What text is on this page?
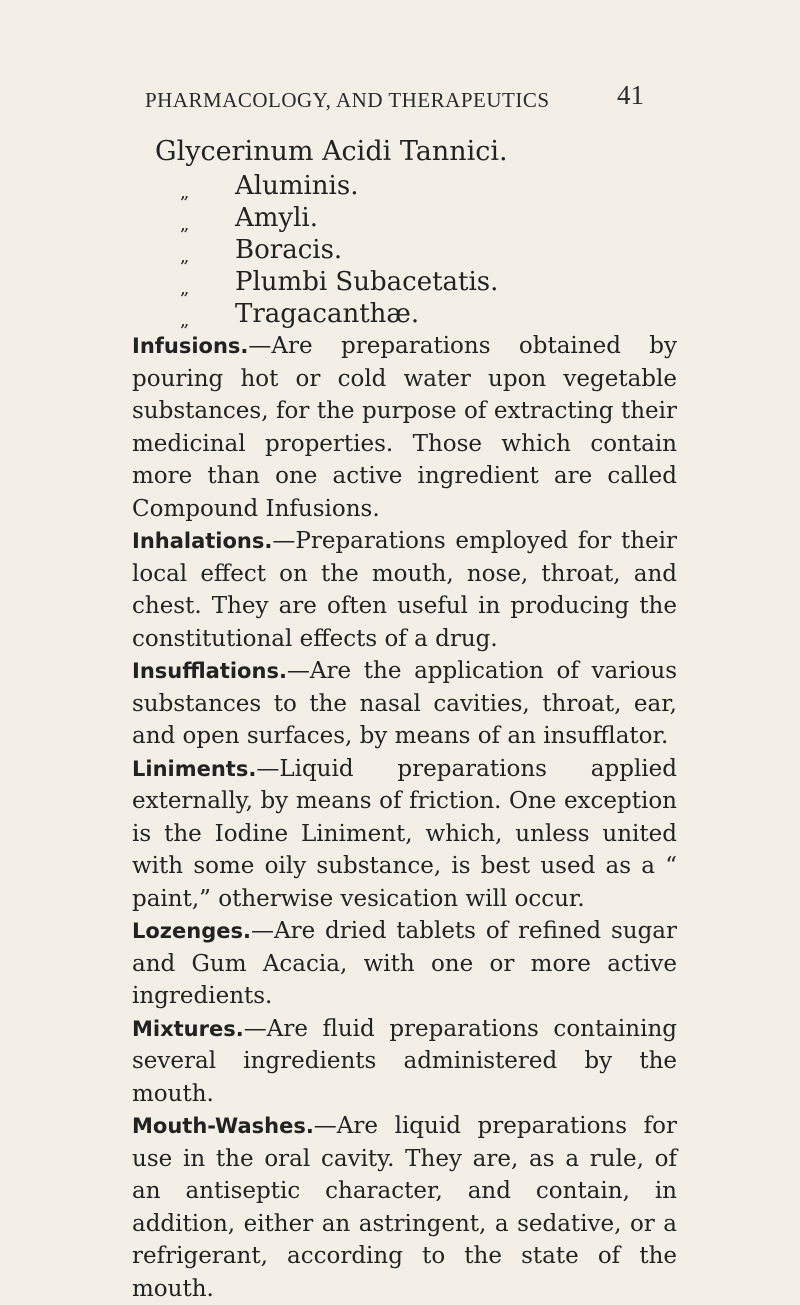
PHARMACOLOGY, AND THERAPEUTICS 41
Glycerinum Acidi Tannici.
„ Aluminis.
„ Amyli.
„ Boracis.
„ Plumbi Subacetatis.
„ Tragacanthæ.

Infusions.—Are preparations obtained by pouring hot or cold water upon vegetable substances, for the purpose of extracting their medicinal properties. Those which contain more than one active ingredient are called Compound Infusions.

Inhalations.—Preparations employed for their local effect on the mouth, nose, throat, and chest. They are often useful in producing the constitutional effects of a drug.

Insufflations.—Are the application of various substances to the nasal cavities, throat, ear, and open surfaces, by means of an insufflator.

Liniments.—Liquid preparations applied externally, by means of friction. One exception is the Iodine Liniment, which, unless united with some oily substance, is best used as a “ paint,” otherwise vesication will occur.

Lozenges.—Are dried tablets of refined sugar and Gum Acacia, with one or more active ingredients.

Mixtures.—Are fluid preparations containing several ingredients administered by the mouth.

Mouth-Washes.—Are liquid preparations for use in the oral cavity. They are, as a rule, of an antiseptic character, and contain, in addition, either an astringent, a sedative, or a refrigerant, according to the state of the mouth.
